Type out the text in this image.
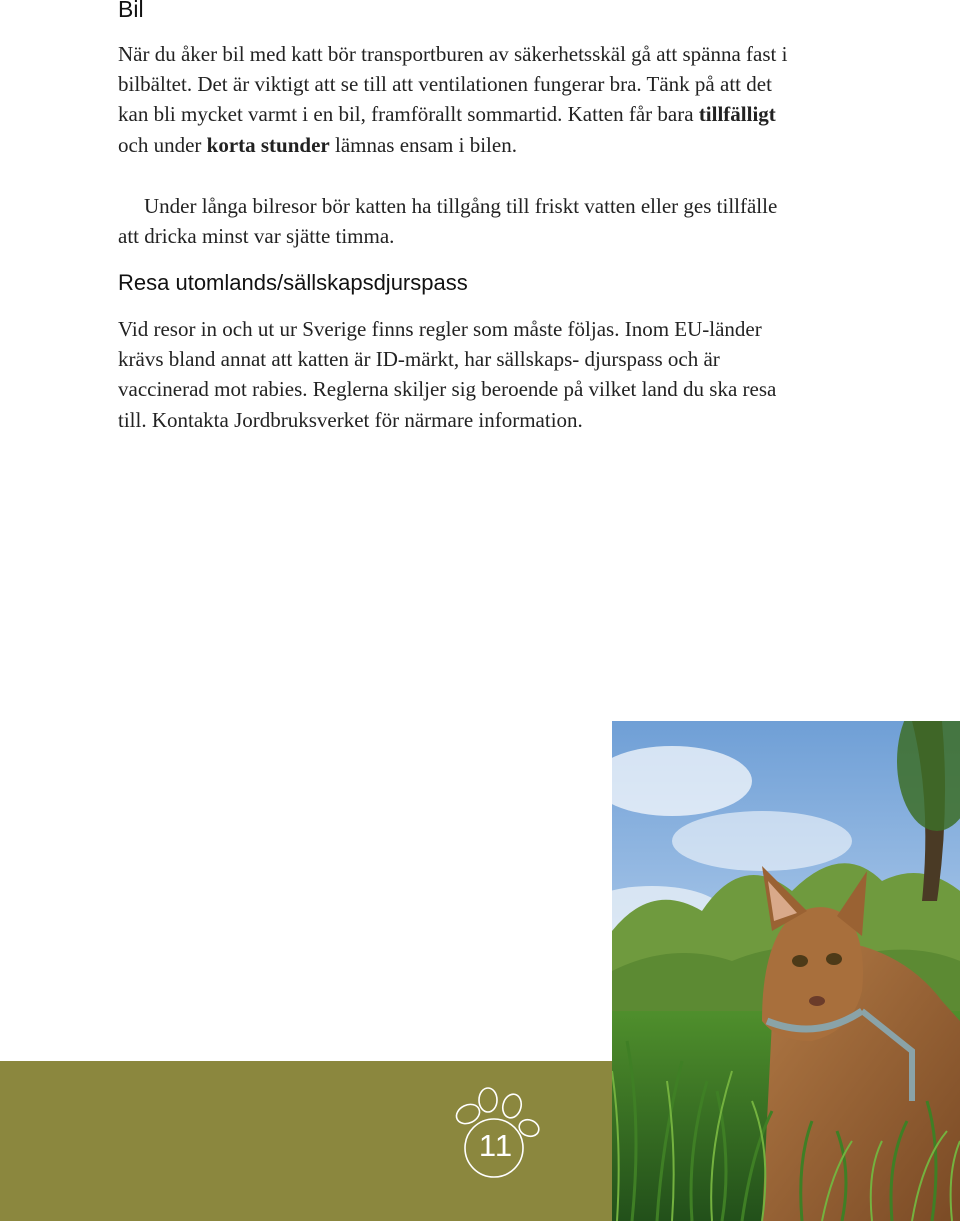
Bil

När du åker bil med katt bör transportburen av säkerhetsskäl gå att spänna fast i bilbältet. Det är viktigt att se till att ventilationen fungerar bra. Tänk på att det kan bli mycket varmt i en bil, framförallt sommartid. Katten får bara tillfälligt och under korta stunder lämnas ensam i bilen.

Under långa bilresor bör katten ha tillgång till friskt vatten eller ges tillfälle att dricka minst var sjätte timma.

Resa utomlands/sällskapsdjurspass

Vid resor in och ut ur Sverige finns regler som måste följas. Inom EU-länder krävs bland annat att katten är ID-märkt, har sällskaps- djurspass och är vaccinerad mot rabies. Reglerna skiljer sig beroende på vilket land du ska resa till. Kontakta Jordbruksverket för närmare information.

11
